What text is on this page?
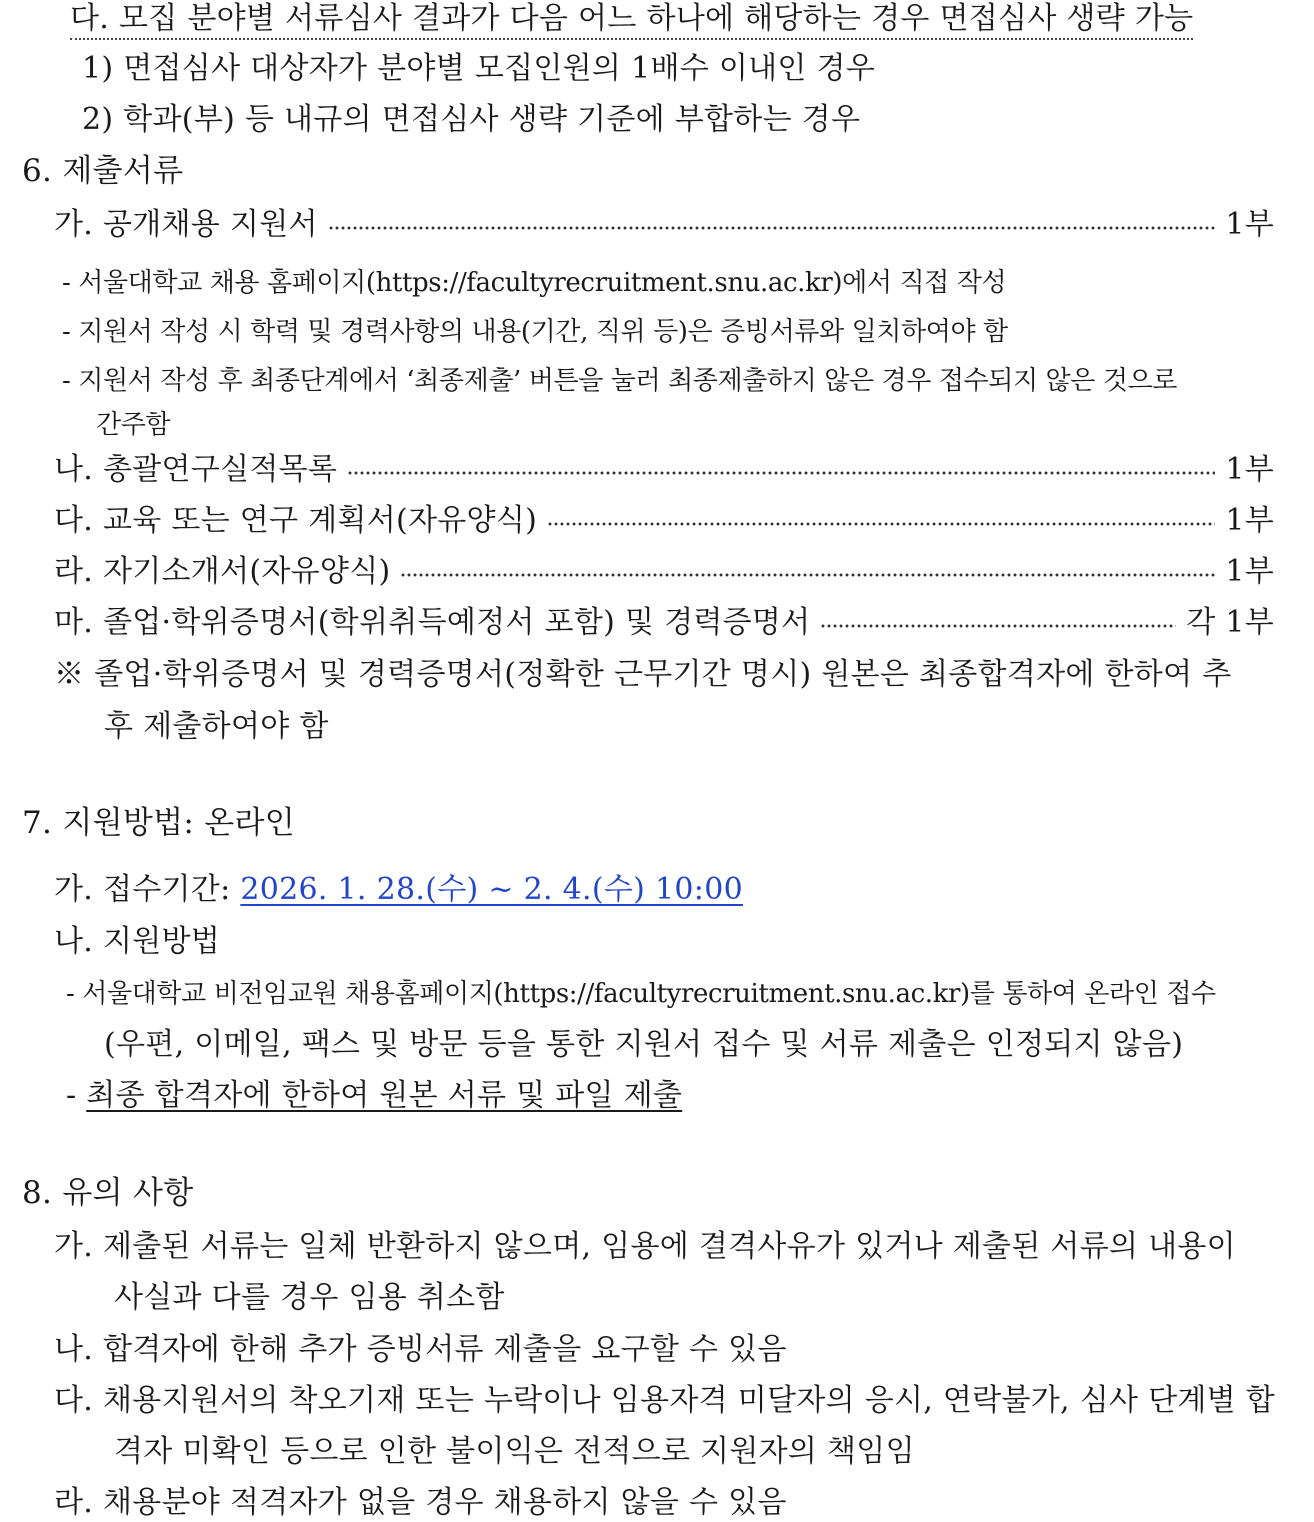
다. 모집 분야별 서류심사 결과가 다음 어느 하나에 해당하는 경우 면접심사 생략 가능
1) 면접심사 대상자가 분야별 모집인원의 1배수 이내인 경우
2) 학과(부) 등 내규의 면접심사 생략 기준에 부합하는 경우
6. 제출서류
가. 공개채용 지원서	1부
- 서울대학교 채용 홈페이지(https://facultyrecruitment.snu.ac.kr)에서 직접 작성
- 지원서 작성 시 학력 및 경력사항의 내용(기간, 직위 등)은 증빙서류와 일치하여야 함
- 지원서 작성 후 최종단계에서 ‘최종제출’ 버튼을 눌러 최종제출하지 않은 경우 접수되지 않은 것으로
간주함
나. 총괄연구실적목록	1부
다. 교육 또는 연구 계획서(자유양식)	1부
라. 자기소개서(자유양식)	1부
마. 졸업·학위증명서(학위취득예정서 포함) 및 경력증명서	각 1부
※ 졸업·학위증명서 및 경력증명서(정확한 근무기간 명시) 원본은 최종합격자에 한하여 추
후 제출하여야 함
7. 지원방법: 온라인
가. 접수기간: 2026. 1. 28.(수) ~ 2. 4.(수) 10:00
나. 지원방법
- 서울대학교 비전임교원 채용홈페이지(https://facultyrecruitment.snu.ac.kr)를 통하여 온라인 접수
(우편, 이메일, 팩스 및 방문 등을 통한 지원서 접수 및 서류 제출은 인정되지 않음)
- 최종 합격자에 한하여 원본 서류 및 파일 제출
8. 유의 사항
가. 제출된 서류는 일체 반환하지 않으며, 임용에 결격사유가 있거나 제출된 서류의 내용이
사실과 다를 경우 임용 취소함
나. 합격자에 한해 추가 증빙서류 제출을 요구할 수 있음
다. 채용지원서의 착오기재 또는 누락이나 임용자격 미달자의 응시, 연락불가, 심사 단계별 합
격자 미확인 등으로 인한 불이익은 전적으로 지원자의 책임임
라. 채용분야 적격자가 없을 경우 채용하지 않을 수 있음
